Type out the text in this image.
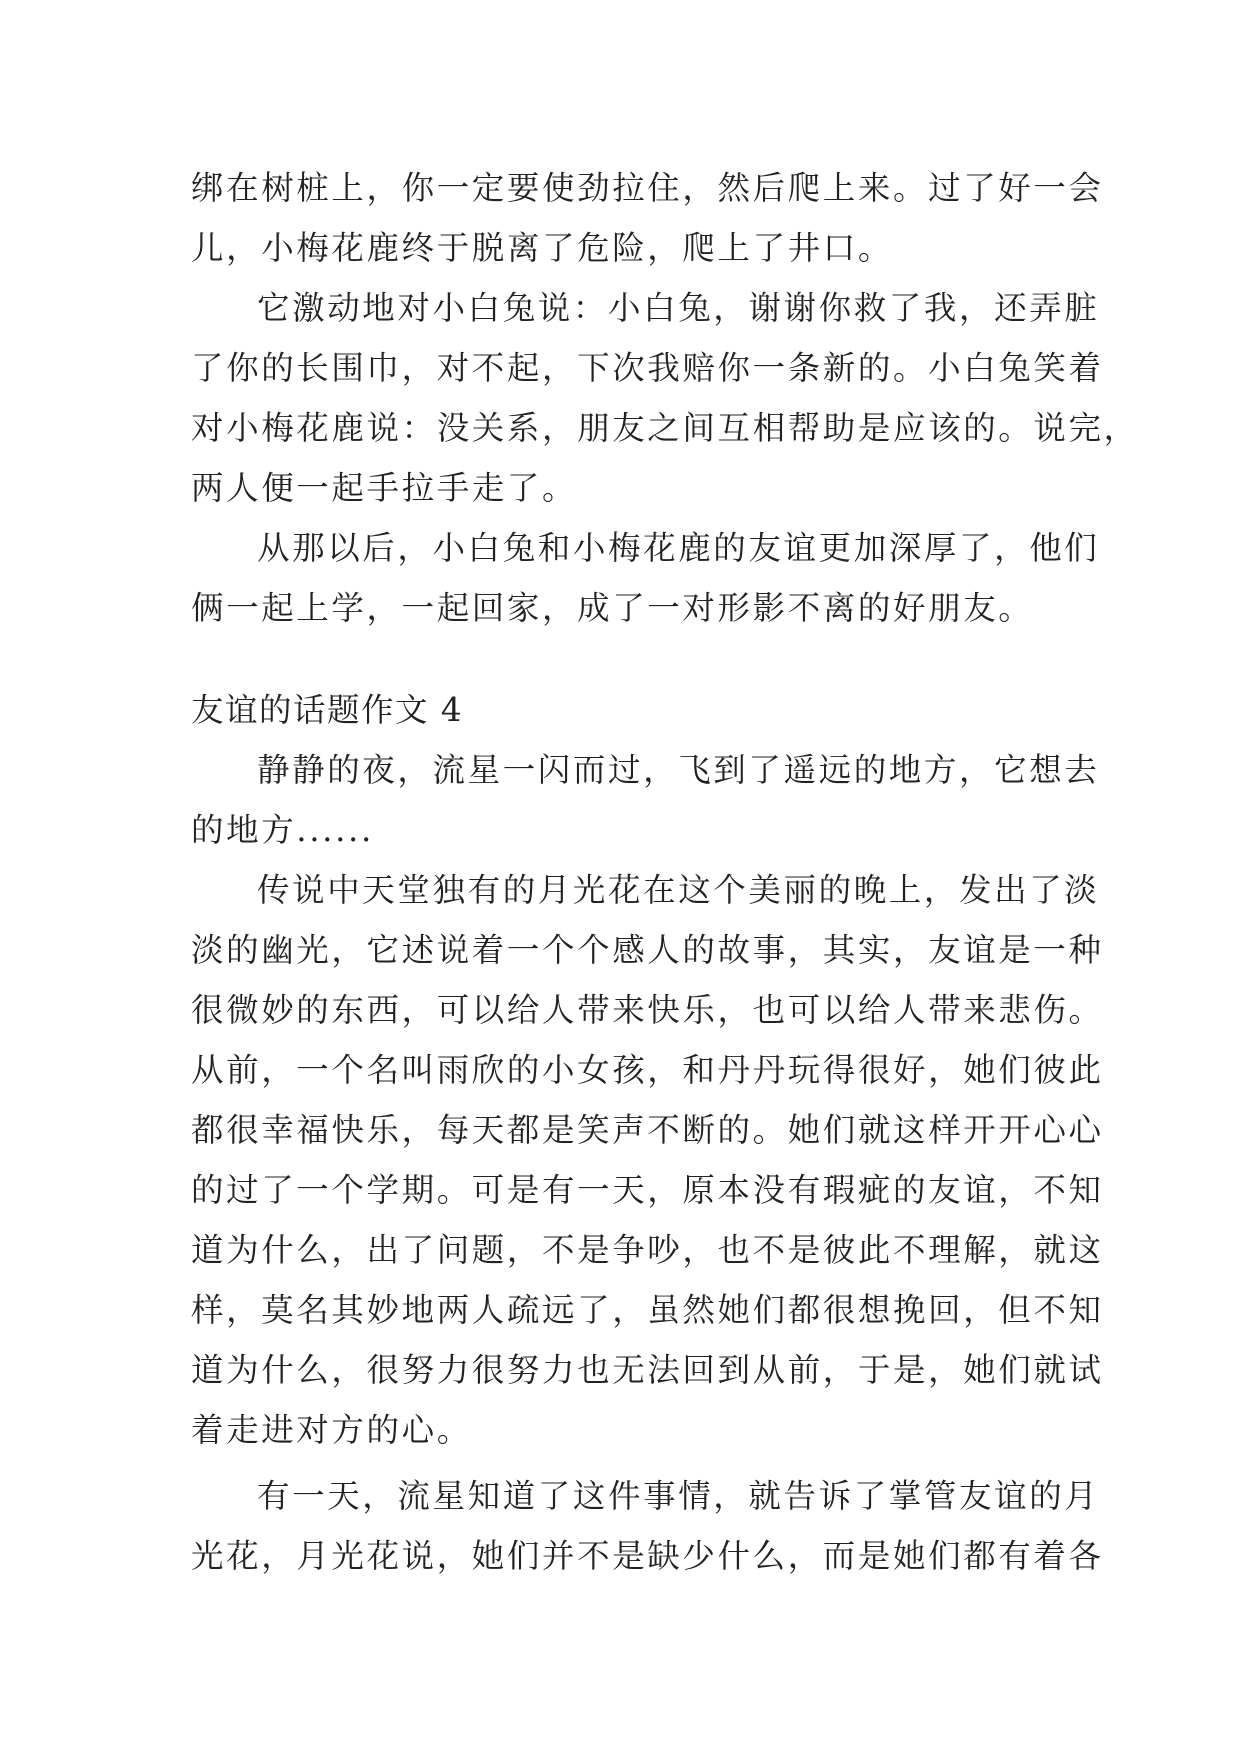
绑在树桩上，你一定要使劲拉住，然后爬上来。过了好一会
儿，小梅花鹿终于脱离了危险，爬上了井口。
它激动地对小白兔说：小白兔，谢谢你救了我，还弄脏
了你的长围巾，对不起，下次我赔你一条新的。小白兔笑着
对小梅花鹿说：没关系，朋友之间互相帮助是应该的。说完，
两人便一起手拉手走了。
从那以后，小白兔和小梅花鹿的友谊更加深厚了，他们
俩一起上学，一起回家，成了一对形影不离的好朋友。
友谊的话题作文 4
静静的夜，流星一闪而过，飞到了遥远的地方，它想去
的地方......
传说中天堂独有的月光花在这个美丽的晚上，发出了淡
淡的幽光，它述说着一个个感人的故事，其实，友谊是一种
很微妙的东西，可以给人带来快乐，也可以给人带来悲伤。
从前，一个名叫雨欣的小女孩，和丹丹玩得很好，她们彼此
都很幸福快乐，每天都是笑声不断的。她们就这样开开心心
的过了一个学期。可是有一天，原本没有瑕疵的友谊，不知
道为什么，出了问题，不是争吵，也不是彼此不理解，就这
样，莫名其妙地两人疏远了，虽然她们都很想挽回，但不知
道为什么，很努力很努力也无法回到从前，于是，她们就试
着走进对方的心。
有一天，流星知道了这件事情，就告诉了掌管友谊的月
光花，月光花说，她们并不是缺少什么，而是她们都有着各
